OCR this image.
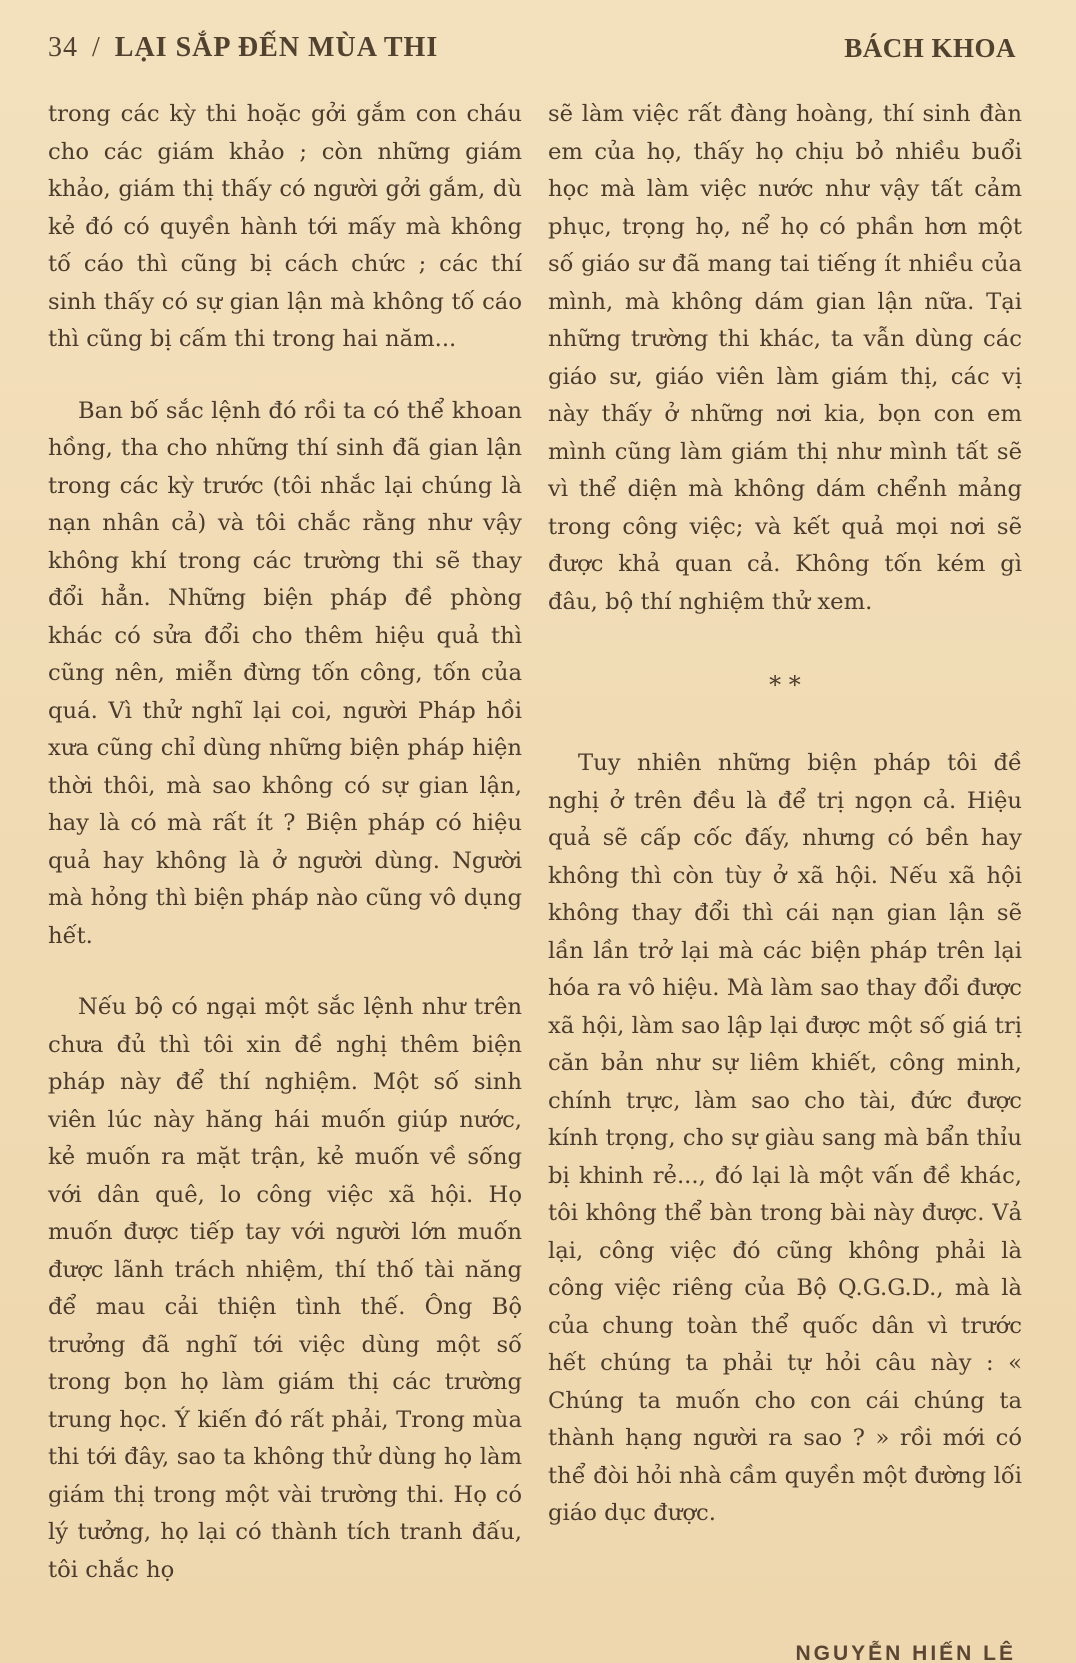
34 / LẠI SẮP ĐẾN MÙA THI	BÁCH KHOA

trong các kỳ thi hoặc gởi gắm con cháu cho các giám khảo ; còn những giám khảo, giám thị thấy có người gởi gắm, dù kẻ đó có quyền hành tới mấy mà không tố cáo thì cũng bị cách chức ; các thí sinh thấy có sự gian lận mà không tố cáo thì cũng bị cấm thi trong hai năm...

Ban bố sắc lệnh đó rồi ta có thể khoan hồng, tha cho những thí sinh đã gian lận trong các kỳ trước (tôi nhắc lại chúng là nạn nhân cả) và tôi chắc rằng như vậy không khí trong các trường thi sẽ thay đổi hẳn. Những biện pháp đề phòng khác có sửa đổi cho thêm hiệu quả thì cũng nên, miễn đừng tốn công, tốn của quá. Vì thử nghĩ lại coi, người Pháp hồi xưa cũng chỉ dùng những biện pháp hiện thời thôi, mà sao không có sự gian lận, hay là có mà rất ít ? Biện pháp có hiệu quả hay không là ở người dùng. Người mà hỏng thì biện pháp nào cũng vô dụng hết.

Nếu bộ có ngại một sắc lệnh như trên chưa đủ thì tôi xin đề nghị thêm biện pháp này để thí nghiệm. Một số sinh viên lúc này hăng hái muốn giúp nước, kẻ muốn ra mặt trận, kẻ muốn về sống với dân quê, lo công việc xã hội. Họ muốn được tiếp tay với người lớn muốn được lãnh trách nhiệm, thí thố tài năng để mau cải thiện tình thế. Ông Bộ trưởng đã nghĩ tới việc dùng một số trong bọn họ làm giám thị các trường trung học. Ý kiến đó rất phải, Trong mùa thi tới đây, sao ta không thử dùng họ làm giám thị trong một vài trường thi. Họ có lý tưởng, họ lại có thành tích tranh đấu, tôi chắc họ

sẽ làm việc rất đàng hoàng, thí sinh đàn em của họ, thấy họ chịu bỏ nhiều buổi học mà làm việc nước như vậy tất cảm phục, trọng họ, nể họ có phần hơn một số giáo sư đã mang tai tiếng ít nhiều của mình, mà không dám gian lận nữa. Tại những trường thi khác, ta vẫn dùng các giáo sư, giáo viên làm giám thị, các vị này thấy ở những nơi kia, bọn con em mình cũng làm giám thị như mình tất sẽ vì thể diện mà không dám chểnh mảng trong công việc; và kết quả mọi nơi sẽ được khả quan cả. Không tốn kém gì đâu, bộ thí nghiệm thử xem.

* *

Tuy nhiên những biện pháp tôi đề nghị ở trên đều là để trị ngọn cả. Hiệu quả sẽ cấp cốc đấy, nhưng có bền hay không thì còn tùy ở xã hội. Nếu xã hội không thay đổi thì cái nạn gian lận sẽ lần lần trở lại mà các biện pháp trên lại hóa ra vô hiệu. Mà làm sao thay đổi được xã hội, làm sao lập lại được một số giá trị căn bản như sự liêm khiết, công minh, chính trực, làm sao cho tài, đức được kính trọng, cho sự giàu sang mà bẩn thỉu bị khinh rẻ..., đó lại là một vấn đề khác, tôi không thể bàn trong bài này được. Vả lại, công việc đó cũng không phải là công việc riêng của Bộ Q.G.G.D., mà là của chung toàn thể quốc dân vì trước hết chúng ta phải tự hỏi câu này : « Chúng ta muốn cho con cái chúng ta thành hạng người ra sao ? » rồi mới có thể đòi hỏi nhà cầm quyền một đường lối giáo dục được.

NGUYỄN HIẾN LÊ
